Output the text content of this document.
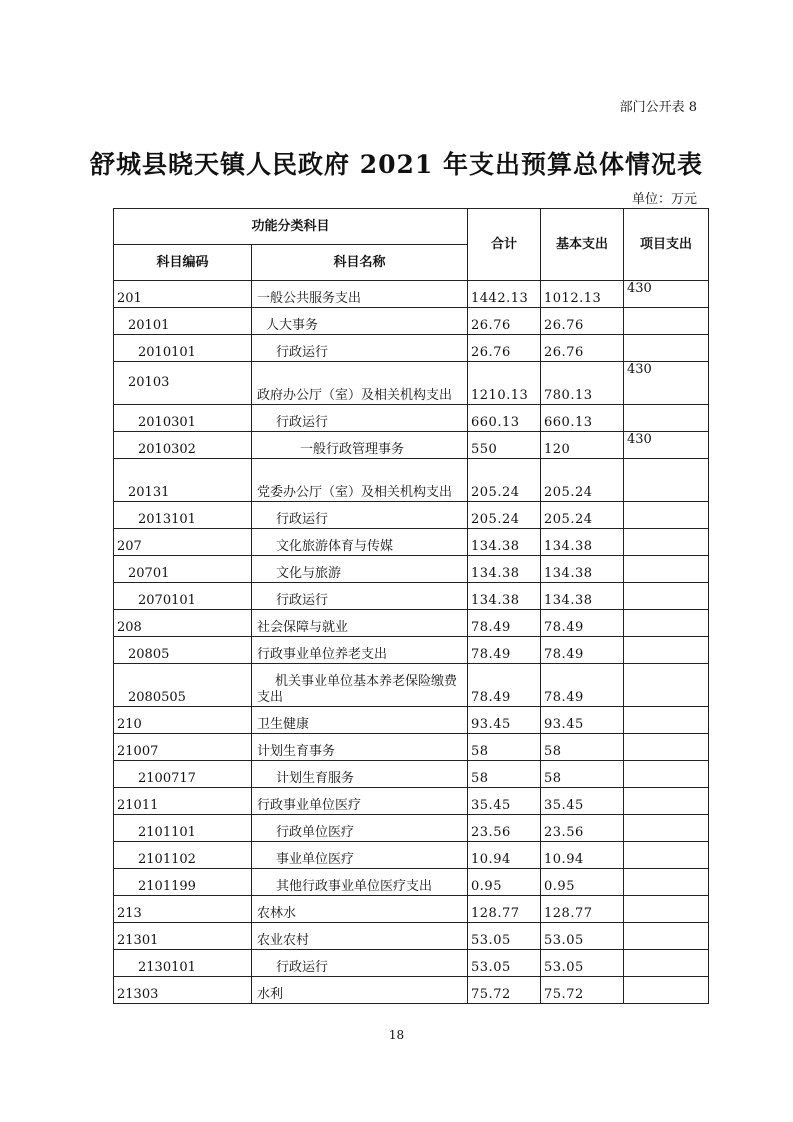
部门公开表 8
舒城县晓天镇人民政府 2021 年支出预算总体情况表
单位：万元
功能分类科目		合计	基本支出	项目支出
科目编码	科目名称			
201	一般公共服务支出	1442.13	1012.13	430
20101	人大事务	26.76	26.76	
2010101	行政运行	26.76	26.76	
20103	政府办公厅（室）及相关机构支出	1210.13	780.13	430
2010301	行政运行	660.13	660.13	
2010302	一般行政管理事务	550	120	430
20131	党委办公厅（室）及相关机构支出	205.24	205.24	
2013101	行政运行	205.24	205.24	
207	文化旅游体育与传媒	134.38	134.38	
20701	文化与旅游	134.38	134.38	
2070101	行政运行	134.38	134.38	
208	社会保障与就业	78.49	78.49	
20805	行政事业单位养老支出	78.49	78.49	
2080505	机关事业单位基本养老保险缴费支出	78.49	78.49	
210	卫生健康	93.45	93.45	
21007	计划生育事务	58	58	
2100717	计划生育服务	58	58	
21011	行政事业单位医疗	35.45	35.45	
2101101	行政单位医疗	23.56	23.56	
2101102	事业单位医疗	10.94	10.94	
2101199	其他行政事业单位医疗支出	0.95	0.95	
213	农林水	128.77	128.77	
21301	农业农村	53.05	53.05	
2130101	行政运行	53.05	53.05	
21303	水利	75.72	75.72	
18
